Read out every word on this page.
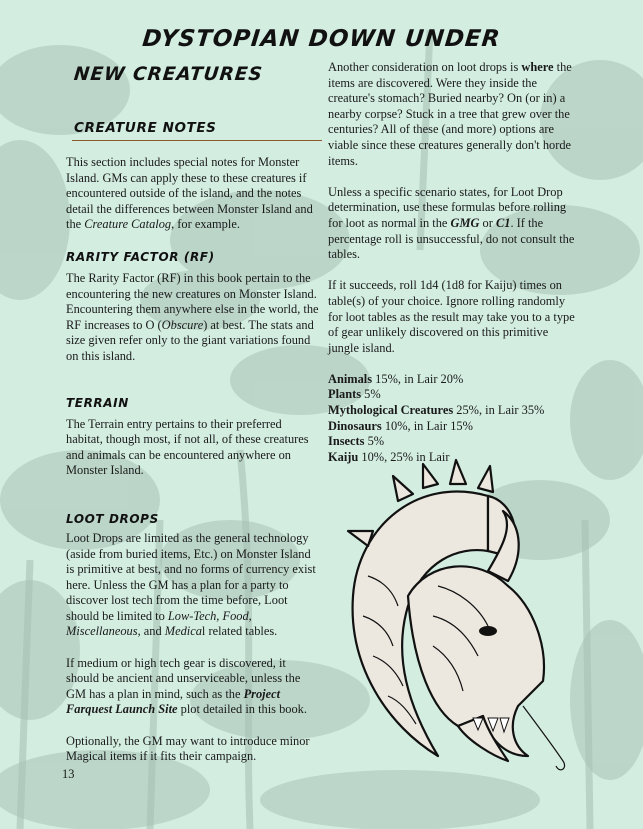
DYSTOPIAN DOWN UNDER
NEW CREATURES
CREATURE NOTES

This section includes special notes for Monster Island. GMs can apply these to these creatures if encountered outside of the island, and the notes detail the differences between Monster Island and the Creature Catalog, for example.

RARITY FACTOR (RF)

The Rarity Factor (RF) in this book pertain to the encountering the new creatures on Monster Island. Encountering them anywhere else in the world, the RF increases to O (Obscure) at best. The stats and size given refer only to the giant variations found on this island.

TERRAIN

The Terrain entry pertains to their preferred habitat, though most, if not all, of these creatures and animals can be encountered anywhere on Monster Island.

LOOT DROPS

Loot Drops are limited as the general technology (aside from buried items, Etc.) on Monster Island is primitive at best, and no forms of currency exist here. Unless the GM has a plan for a party to discover lost tech from the time before, Loot should be limited to Low-Tech, Food, Miscellaneous, and Medical related tables.

If medium or high tech gear is discovered, it should be ancient and unserviceable, unless the GM has a plan in mind, such as the Project Farquest Launch Site plot detailed in this book.

Optionally, the GM may want to introduce minor Magical items if it fits their campaign.

Another consideration on loot drops is where the items are discovered. Were they inside the creature's stomach? Buried nearby? On (or in) a nearby corpse? Stuck in a tree that grew over the centuries? All of these (and more) options are viable since these creatures generally don't horde items.

Unless a specific scenario states, for Loot Drop determination, use these formulas before rolling for loot as normal in the GMG or C1. If the percentage roll is unsuccessful, do not consult the tables.

If it succeeds, roll 1d4 (1d8 for Kaiju) times on table(s) of your choice. Ignore rolling randomly for loot tables as the result may take you to a type of gear unlikely discovered on this primitive jungle island.

Animals 15%, in Lair 20%
Plants 5%
Mythological Creatures 25%, in Lair 35%
Dinosaurs 10%, in Lair 15%
Insects 5%
Kaiju 10%, 25% in Lair
13
